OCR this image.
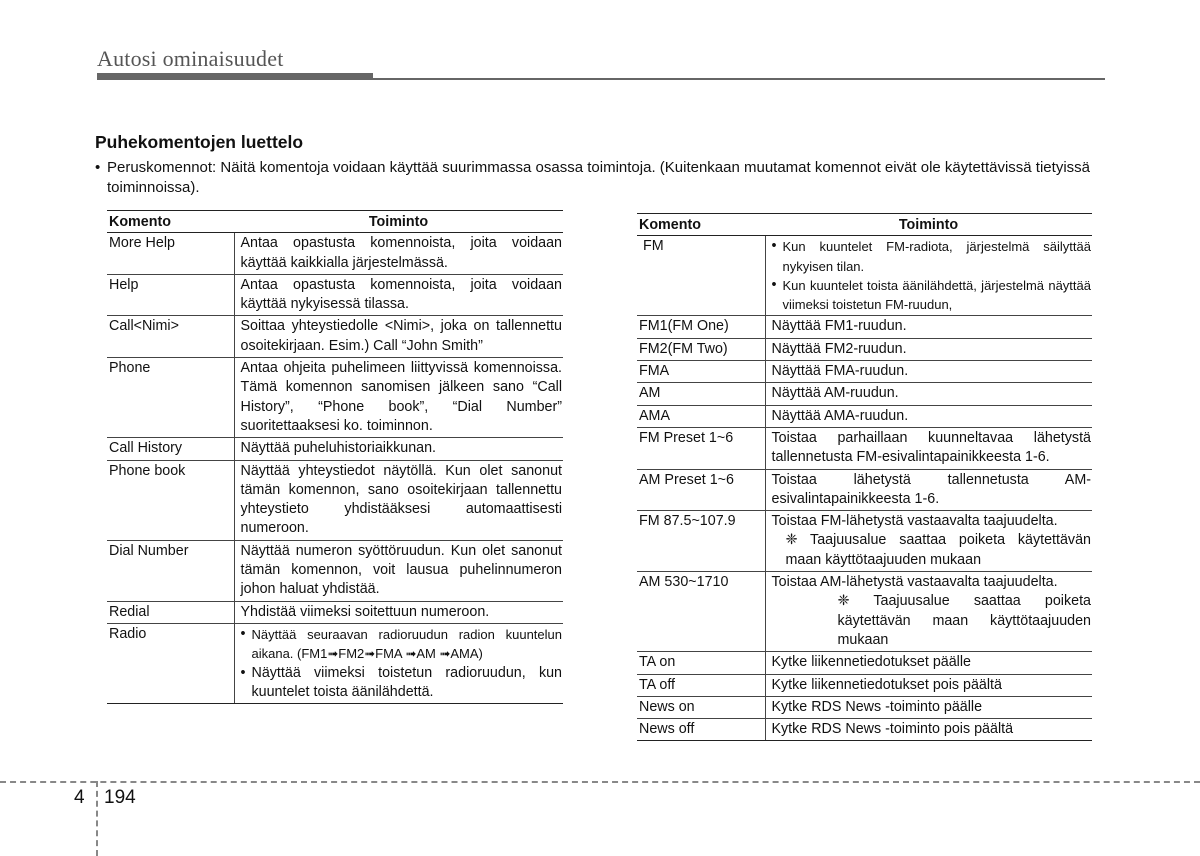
Autosi ominaisuudet
Puhekomentojen luettelo
• Peruskomennot: Näitä komentoja voidaan käyttää suurimmassa osassa toimintoja. (Kuitenkaan muutamat komennot eivät ole käytettävissä tietyissä toiminnoissa).
Komento	Toiminto
More Help	Antaa opastusta komennoista, joita voidaan käyttää kaikkialla järjestelmässä.
Help	Antaa opastusta komennoista, joita voidaan käyttää nykyisessä tilassa.
Call<Nimi>	Soittaa yhteystiedolle <Nimi>, joka on tallennettu osoitekirjaan. Esim.) Call “John Smith”
Phone	Antaa ohjeita puhelimeen liittyvissä komennoissa. Tämä komennon sanomisen jälkeen sano “Call History”, “Phone book”, “Dial Number” suoritettaaksesi ko. toiminnon.
Call History	Näyttää puheluhistoriaikkunan.
Phone book	Näyttää yhteystiedot näytöllä. Kun olet sanonut tämän komennon, sano osoitekirjaan tallennettu yhteystieto yhdistääksesi automaattisesti numeroon.
Dial Number	Näyttää numeron syöttöruudun. Kun olet sanonut tämän komennon, voit lausua puhelinnumeron johon haluat yhdistää.
Redial	Yhdistää viimeksi soitettuun numeroon.
Radio	• Näyttää seuraavan radioruudun radion kuuntelun aikana. (FM1➟FM2➟FMA ➟AM ➟AMA)
• Näyttää viimeksi toistetun radioruudun, kun kuuntelet toista äänilähdettä.
Komento	Toiminto
FM	• Kun kuuntelet FM-radiota, järjestelmä säilyttää nykyisen tilan.
• Kun kuuntelet toista äänilähdettä, järjestelmä näyttää viimeksi toistetun FM-ruudun,

FM1(FM One)	Näyttää FM1-ruudun.
FM2(FM Two)	Näyttää FM2-ruudun.
FMA	Näyttää FMA-ruudun.
AM	Näyttää AM-ruudun.
AMA	Näyttää AMA-ruudun.
FM Preset 1~6	Toistaa parhaillaan kuunneltavaa lähetystä tallennetusta FM-esivalintapainikkeesta 1-6.
AM Preset 1~6	Toistaa lähetystä tallennetusta AM-esivalintapainikkeesta 1-6.
FM 87.5~107.9	Toistaa FM-lähetystä vastaavalta taajuudelta.
❈ Taajuusalue saattaa poiketa käytettävän maan käyttötaajuuden mukaan

AM 530~1710	Toistaa AM-lähetystä vastaavalta taajuudelta.
❈ Taajuusalue saattaa poiketa käytettävän maan käyttötaajuuden mukaan

TA on	Kytke liikennetiedotukset päälle
TA off	Kytke liikennetiedotukset pois päältä
News on	Kytke RDS News -toiminto päälle
News off	Kytke RDS News -toiminto pois päältä
4 194
